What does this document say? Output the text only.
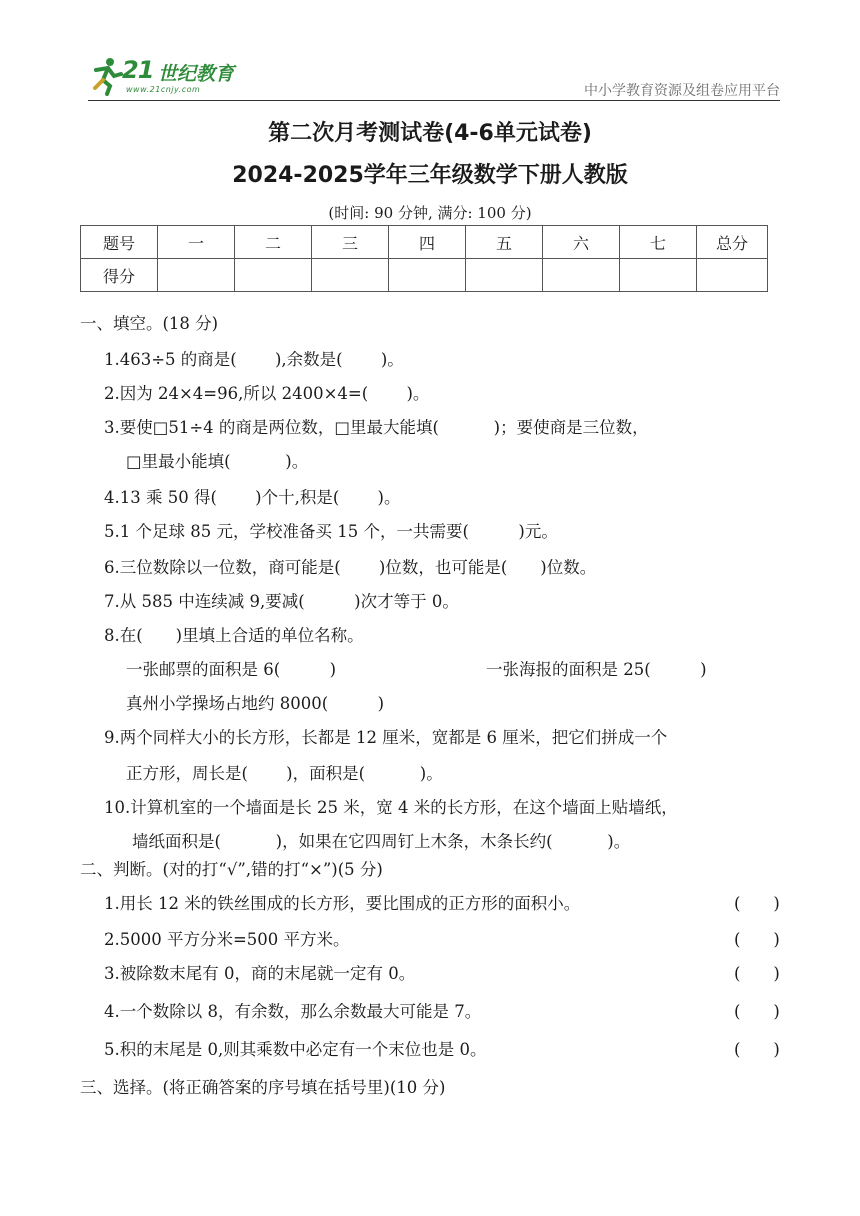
21 世纪教育
www.21cnjy.com	中小学教育资源及组卷应用平台
第二次月考测试卷(4-6单元试卷)
2024-2025学年三年级数学下册人教版
(时间: 90 分钟, 满分: 100 分)
题号	一	二	三	四	五	六	七	总分
得分								
一、填空。(18 分)
1.463÷5 的商是(　　 ),余数是(　　 )。
2.因为 24×4=96,所以 2400×4=(　　 )。
3.要使□51÷4 的商是两位数，□里最大能填(　　　 )；要使商是三位数，
□里最小能填(　　　 )。
4.13 乘 50 得(　　 )个十,积是(　　 )。
5.1 个足球 85 元，学校准备买 15 个，一共需要(　　　)元。
6.三位数除以一位数，商可能是(　　 )位数，也可能是(　　)位数。
7.从 585 中连续减 9,要减(　　　)次才等于 0。
8.在(　　)里填上合适的单位名称。
一张邮票的面积是 6(　　　)	一张海报的面积是 25(　　　)
真州小学操场占地约 8000(　　　)
9.两个同样大小的长方形，长都是 12 厘米，宽都是 6 厘米，把它们拼成一个
正方形，周长是(　　 )，面积是(　　　 )。
10.计算机室的一个墙面是长 25 米，宽 4 米的长方形，在这个墙面上贴墙纸，
墙纸面积是(　　　 )，如果在它四周钉上木条，木条长约(　　　 )。
二、判断。(对的打“√”,错的打“×”)(5 分)
1.用长 12 米的铁丝围成的长方形，要比围成的正方形的面积小。	(　　)
2.5000 平方分米=500 平方米。	(　　)
3.被除数末尾有 0，商的末尾就一定有 0。	(　　)
4.一个数除以 8，有余数，那么余数最大可能是 7。	(　　)
5.积的末尾是 0,则其乘数中必定有一个末位也是 0。	(　　)
三、选择。(将正确答案的序号填在括号里)(10 分)
